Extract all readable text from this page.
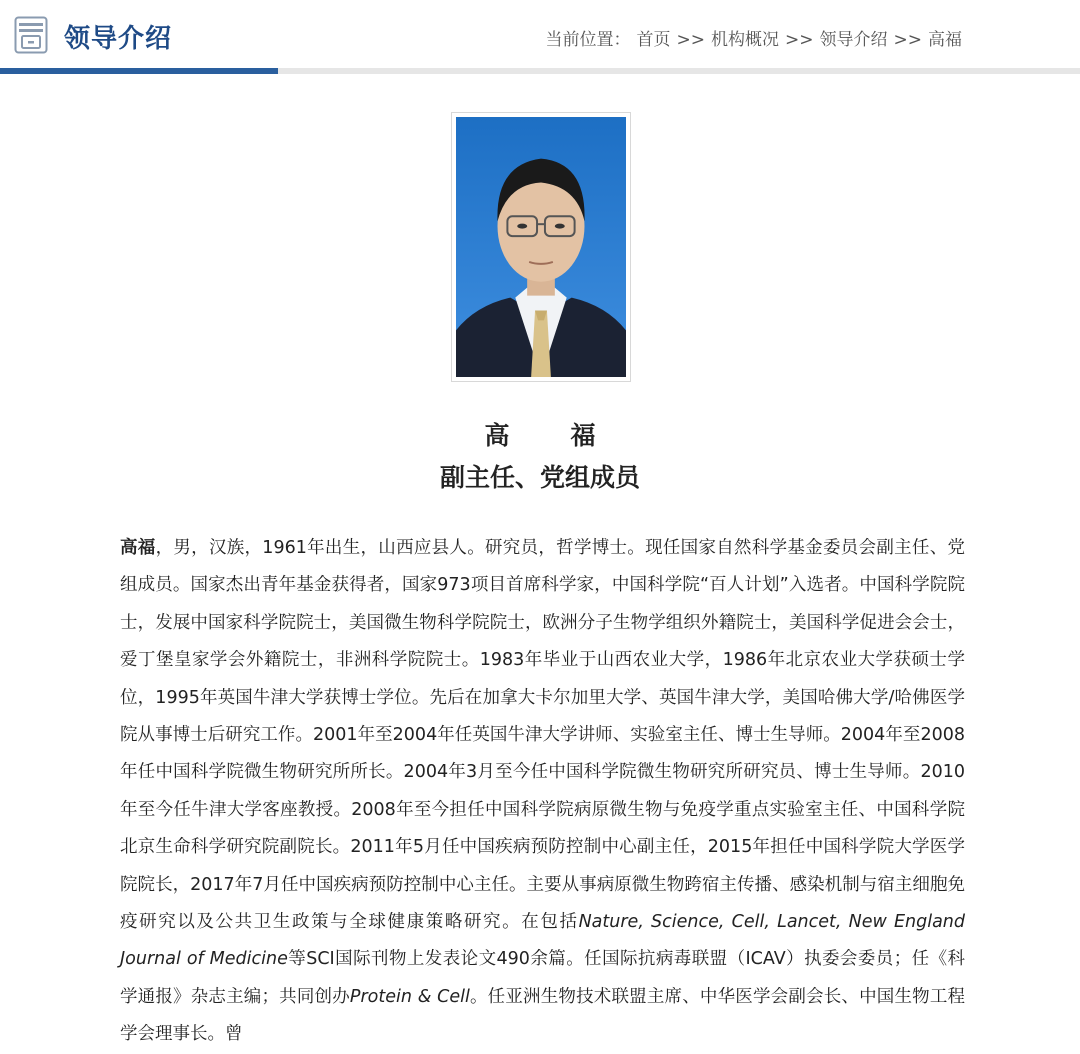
领导介绍	当前位置： 首页 >> 机构概况 >> 领导介绍 >> 高福
高　福
副主任、党组成员
高福，男，汉族，1961年出生，山西应县人。研究员，哲学博士。现任国家自然科学基金委员会副主任、党组成员。国家杰出青年基金获得者，国家973项目首席科学家，中国科学院“百人计划”入选者。中国科学院院士，发展中国家科学院院士，美国微生物科学院院士，欧洲分子生物学组织外籍院士，美国科学促进会会士，爱丁堡皇家学会外籍院士，非洲科学院院士。1983年毕业于山西农业大学，1986年北京农业大学获硕士学位，1995年英国牛津大学获博士学位。先后在加拿大卡尔加里大学、英国牛津大学，美国哈佛大学/哈佛医学院从事博士后研究工作。2001年至2004年任英国牛津大学讲师、实验室主任、博士生导师。2004年至2008年任中国科学院微生物研究所所长。2004年3月至今任中国科学院微生物研究所研究员、博士生导师。2010年至今任牛津大学客座教授。2008年至今担任中国科学院病原微生物与免疫学重点实验室主任、中国科学院北京生命科学研究院副院长。2011年5月任中国疾病预防控制中心副主任，2015年担任中国科学院大学医学院院长，2017年7月任中国疾病预防控制中心主任。主要从事病原微生物跨宿主传播、感染机制与宿主细胞免疫研究以及公共卫生政策与全球健康策略研究。在包括Nature, Science, Cell, Lancet, New England Journal of Medicine等SCI国际刊物上发表论文490余篇。任国际抗病毒联盟（ICAV）执委会委员；任《科学通报》杂志主编；共同创办Protein & Cell。任亚洲生物技术联盟主席、中华医学会副会长、中国生物工程学会理事长。曾
